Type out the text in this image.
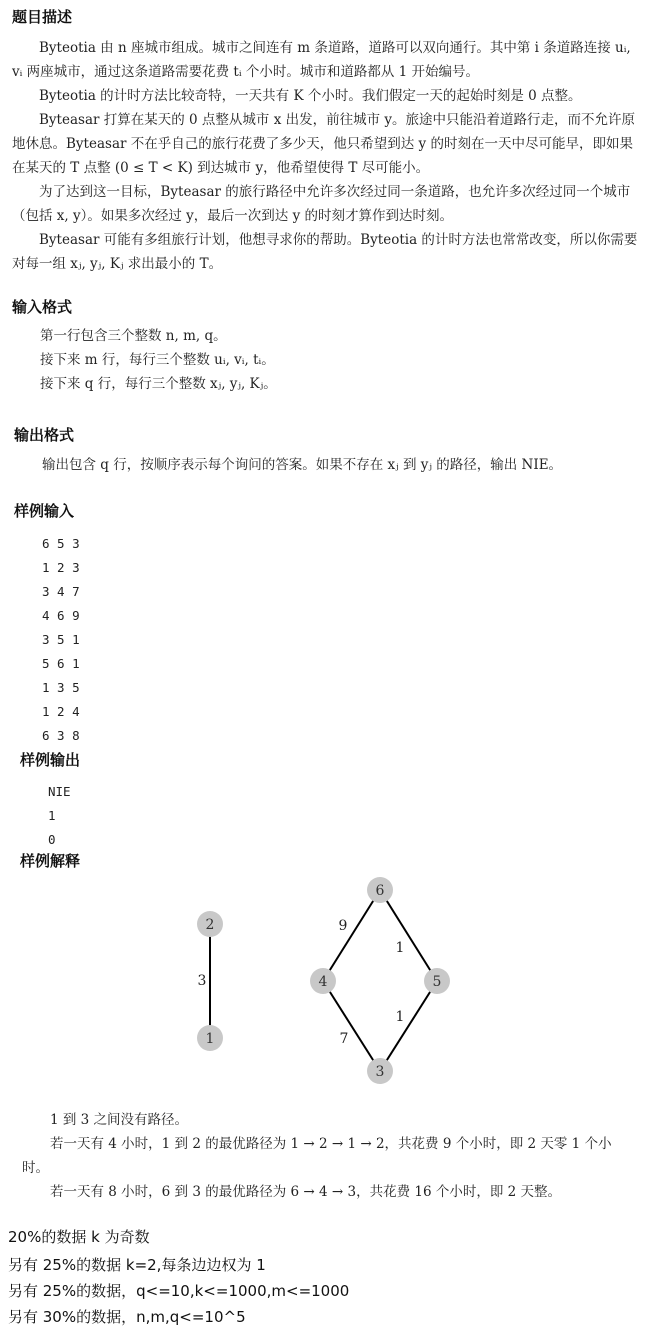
题目描述
Byteotia 由 n 座城市组成。城市之间连有 m 条道路，道路可以双向通行。其中第 i 条道路连接 uᵢ, vᵢ 两座城市，通过这条道路需要花费 tᵢ 个小时。城市和道路都从 1 开始编号。
Byteotia 的计时方法比较奇特，一天共有 K 个小时。我们假定一天的起始时刻是 0 点整。
Byteasar 打算在某天的 0 点整从城市 x 出发，前往城市 y。旅途中只能沿着道路行走，而不允许原地休息。Byteasar 不在乎自己的旅行花费了多少天，他只希望到达 y 的时刻在一天中尽可能早，即如果在某天的 T 点整 (0 ≤ T < K) 到达城市 y，他希望使得 T 尽可能小。
为了达到这一目标，Byteasar 的旅行路径中允许多次经过同一条道路，也允许多次经过同一个城市（包括 x, y）。如果多次经过 y，最后一次到达 y 的时刻才算作到达时刻。
Byteasar 可能有多组旅行计划，他想寻求你的帮助。Byteotia 的计时方法也常常改变，所以你需要对每一组 xⱼ, yⱼ, Kⱼ 求出最小的 T。
输入格式
第一行包含三个整数 n, m, q。
接下来 m 行，每行三个整数 uᵢ, vᵢ, tᵢ。
接下来 q 行，每行三个整数 xⱼ, yⱼ, Kⱼ。
输出格式
输出包含 q 行，按顺序表示每个询问的答案。如果不存在 xⱼ 到 yⱼ 的路径，输出 NIE。
样例输入
6 5 3
1 2 3
3 4 7
4 6 9
3 5 1
5 6 1
1 3 5
1 2 4
6 3 8
样例输出
NIE
1
0
样例解释
3
9
1
1
7
2
1
6
4	5
3
1 到 3 之间没有路径。
若一天有 4 小时，1 到 2 的最优路径为 1 → 2 → 1 → 2，共花费 9 个小时，即 2 天零 1 个小时。
若一天有 8 小时，6 到 3 的最优路径为 6 → 4 → 3，共花费 16 个小时，即 2 天整。
20%的数据 k 为奇数
另有 25%的数据 k=2,每条边边权为 1
另有 25%的数据，q<=10,k<=1000,m<=1000
另有 30%的数据，n,m,q<=10^5
